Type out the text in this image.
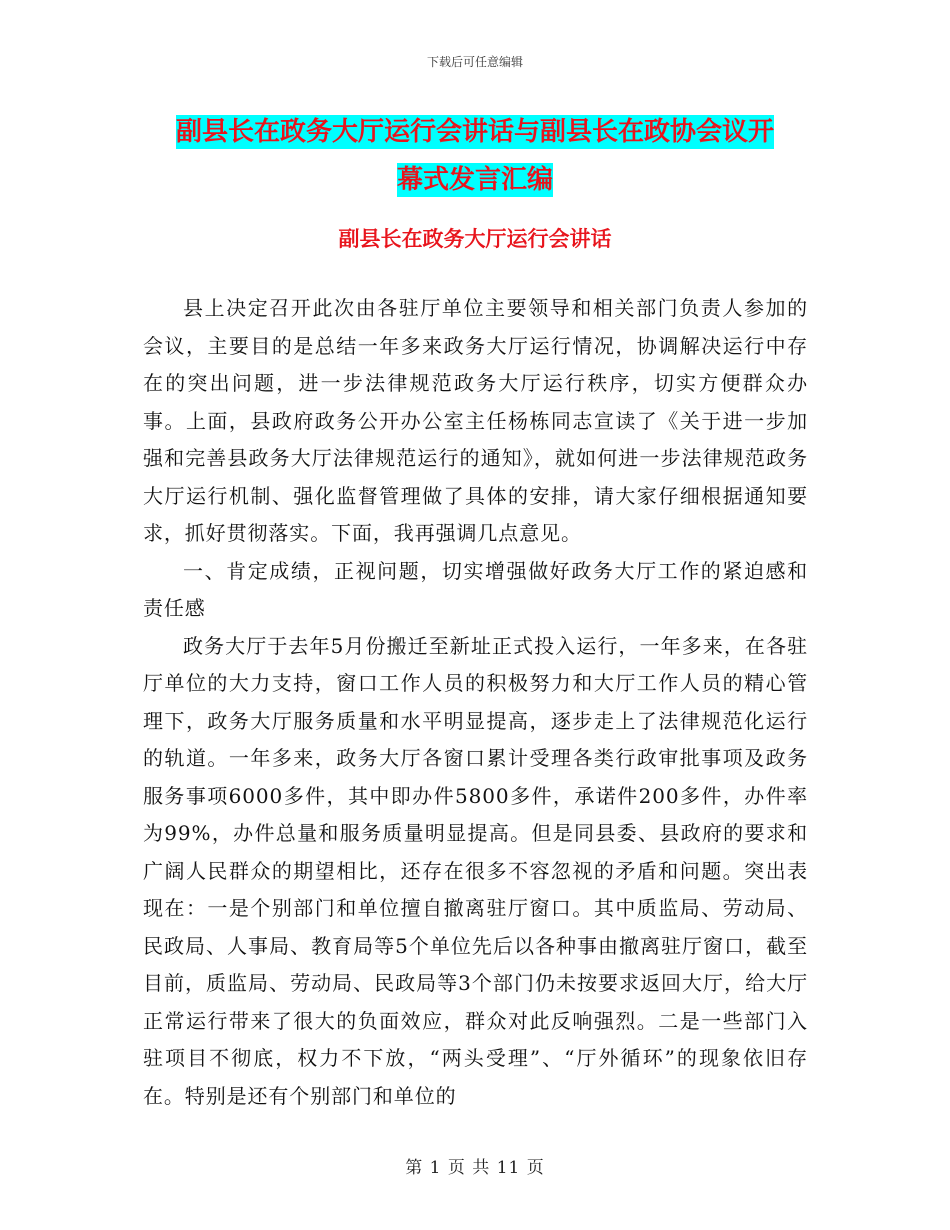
下载后可任意编辑
副县长在政务大厅运行会讲话与副县长在政协会议开
幕式发言汇编
副县长在政务大厅运行会讲话

县上决定召开此次由各驻厅单位主要领导和相关部门负责人参加的会议，主要目的是总结一年多来政务大厅运行情况，协调解决运行中存在的突出问题，进一步法律规范政务大厅运行秩序，切实方便群众办事。上面，县政府政务公开办公室主任杨栋同志宣读了《关于进一步加强和完善县政务大厅法律规范运行的通知》，就如何进一步法律规范政务大厅运行机制、强化监督管理做了具体的安排，请大家仔细根据通知要求，抓好贯彻落实。下面，我再强调几点意见。

一、肯定成绩，正视问题，切实增强做好政务大厅工作的紧迫感和责任感

政务大厅于去年5月份搬迁至新址正式投入运行，一年多来，在各驻厅单位的大力支持，窗口工作人员的积极努力和大厅工作人员的精心管理下，政务大厅服务质量和水平明显提高，逐步走上了法律规范化运行的轨道。一年多来，政务大厅各窗口累计受理各类行政审批事项及政务服务事项6000多件，其中即办件5800多件，承诺件200多件，办件率为99%，办件总量和服务质量明显提高。但是同县委、县政府的要求和广阔人民群众的期望相比，还存在很多不容忽视的矛盾和问题。突出表现在：一是个别部门和单位擅自撤离驻厅窗口。其中质监局、劳动局、民政局、人事局、教育局等5个单位先后以各种事由撤离驻厅窗口，截至目前，质监局、劳动局、民政局等3个部门仍未按要求返回大厅，给大厅正常运行带来了很大的负面效应，群众对此反响强烈。二是一些部门入驻项目不彻底，权力不下放，“两头受理”、“厅外循环”的现象依旧存在。特别是还有个别部门和单位的

第 1 页 共 11 页
